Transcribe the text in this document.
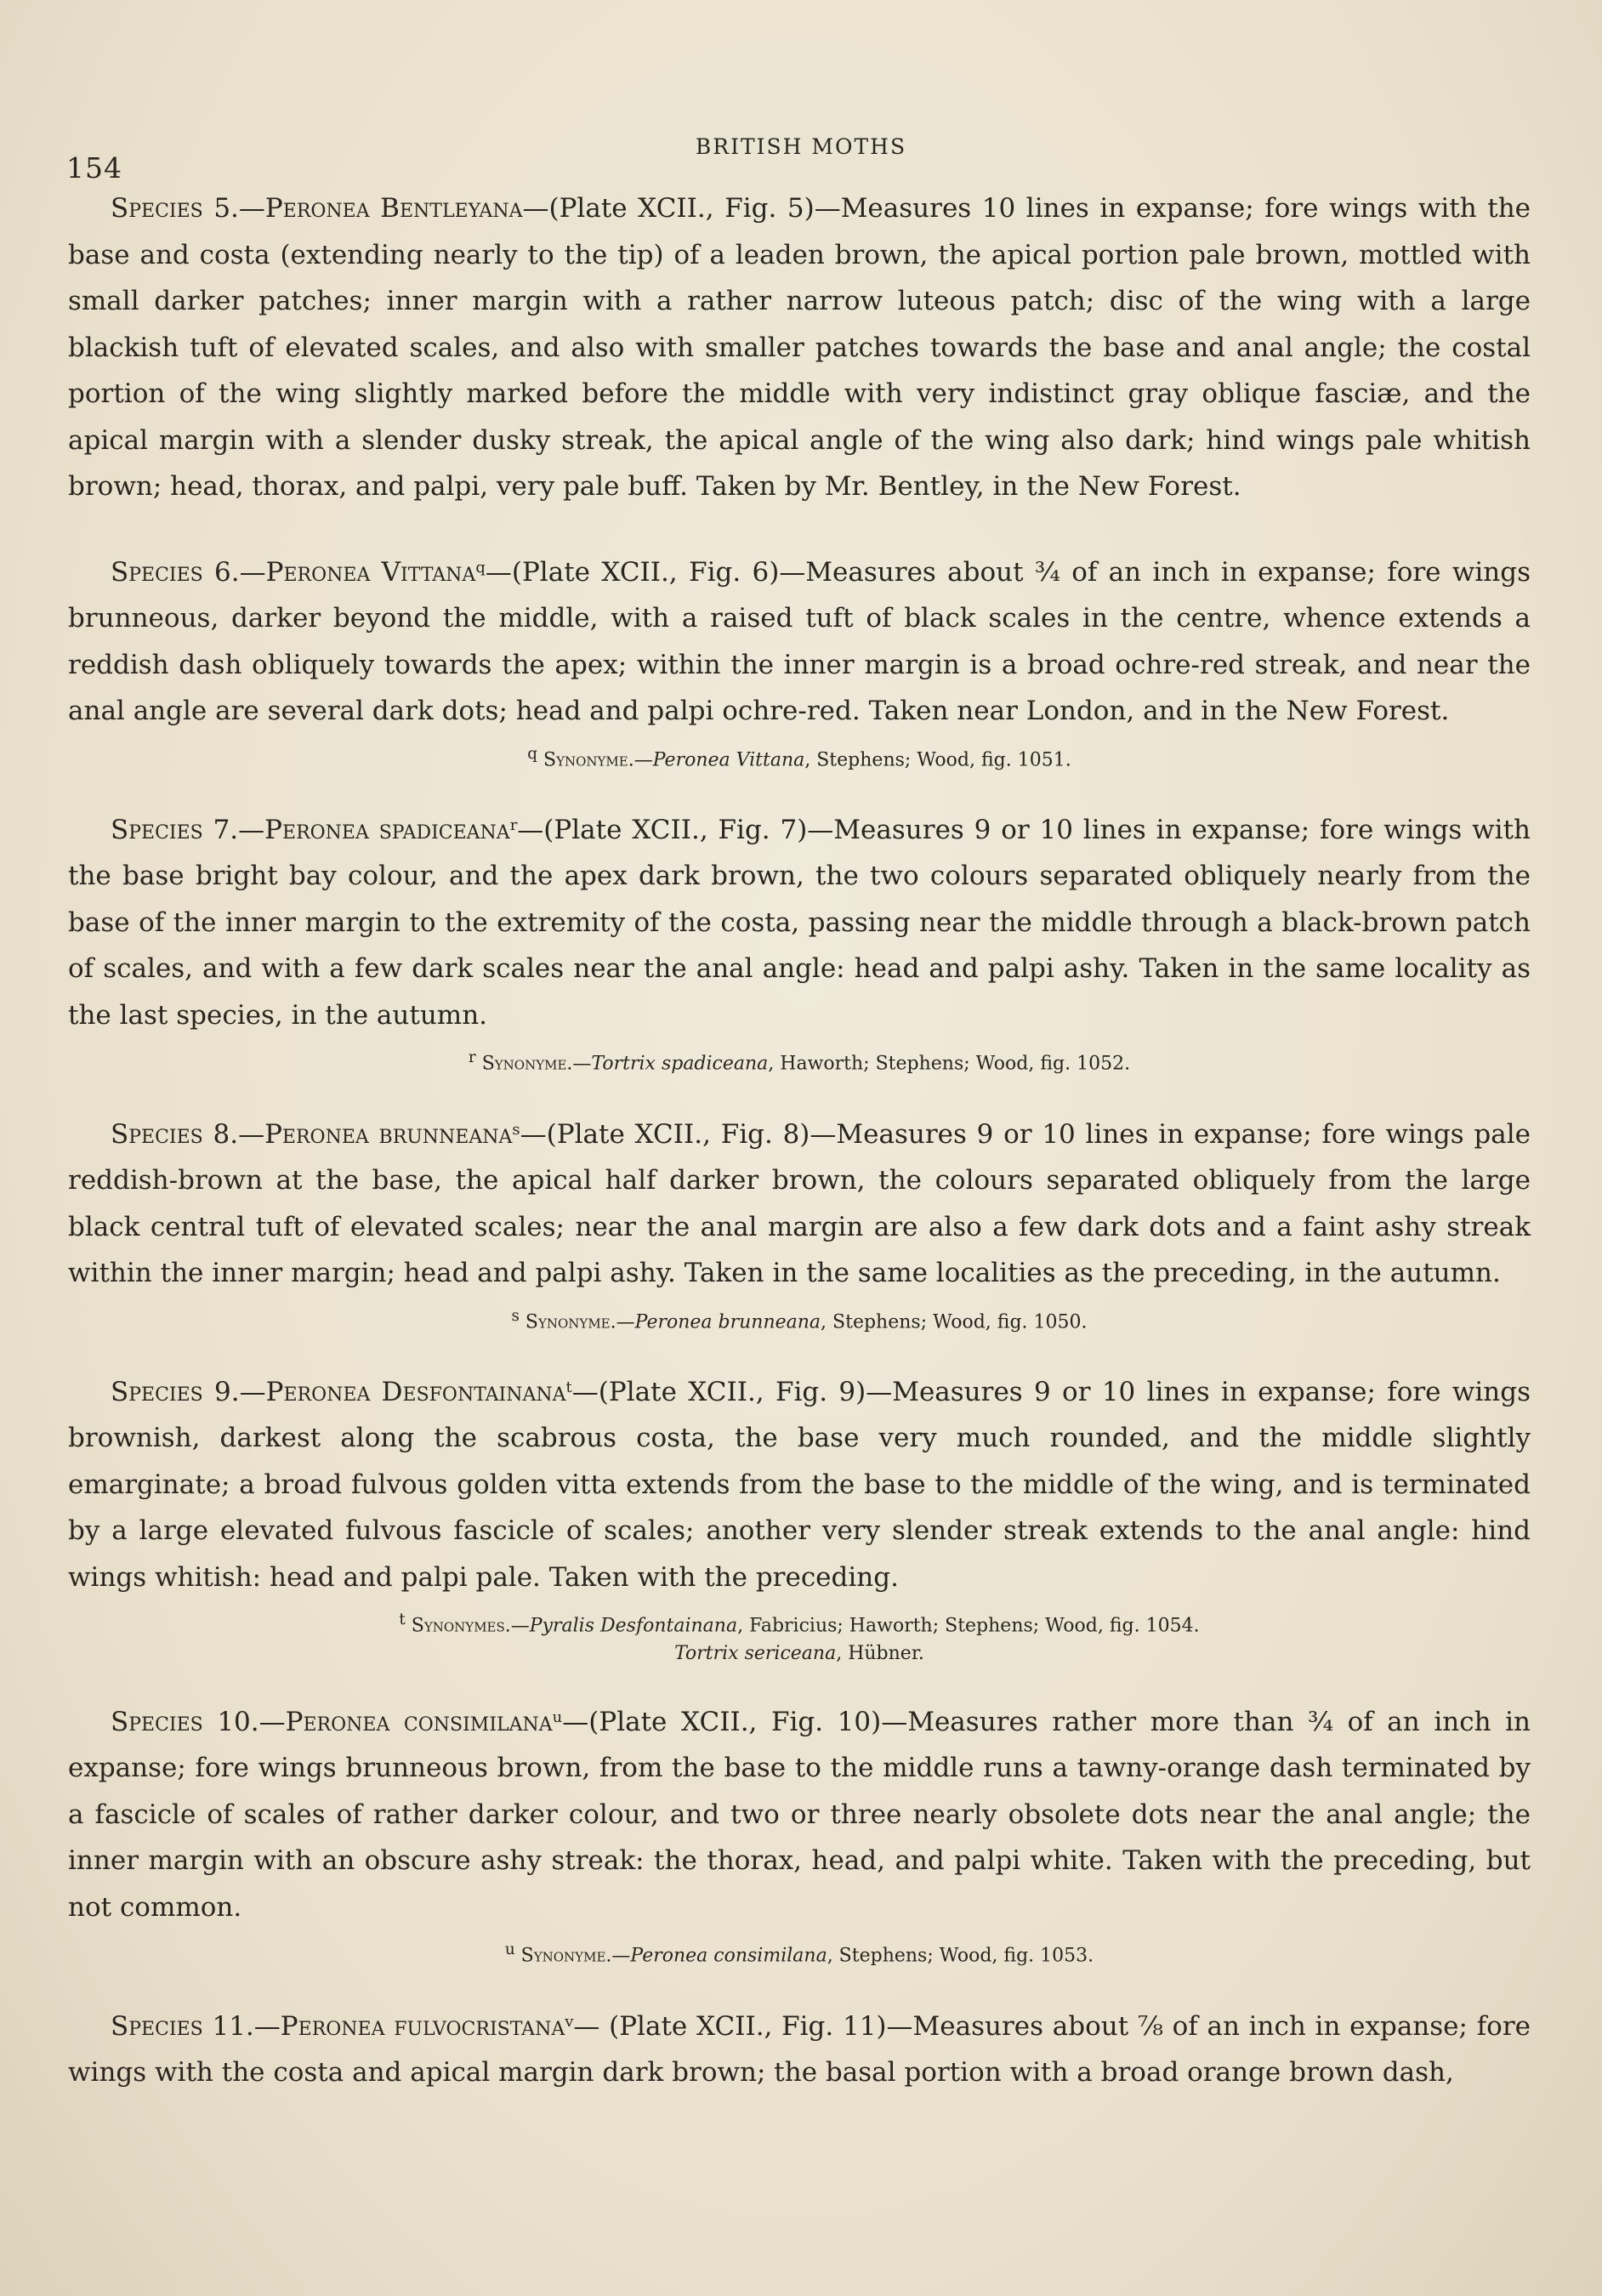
154
BRITISH MOTHS

Species 5.—Peronea Bentleyana—(Plate XCII., Fig. 5)—Measures 10 lines in expanse; fore wings with the base and costa (extending nearly to the tip) of a leaden brown, the apical portion pale brown, mottled with small darker patches; inner margin with a rather narrow luteous patch; disc of the wing with a large blackish tuft of elevated scales, and also with smaller patches towards the base and anal angle; the costal portion of the wing slightly marked before the middle with very indistinct gray oblique fasciæ, and the apical margin with a slender dusky streak, the apical angle of the wing also dark; hind wings pale whitish brown; head, thorax, and palpi, very pale buff. Taken by Mr. Bentley, in the New Forest.

Species 6.—Peronea Vittana$^q$—(Plate XCII., Fig. 6)—Measures about ¾ of an inch in expanse; fore wings brunneous, darker beyond the middle, with a raised tuft of black scales in the centre, whence extends a reddish dash obliquely towards the apex; within the inner margin is a broad ochre-red streak, and near the anal angle are several dark dots; head and palpi ochre-red. Taken near London, and in the New Forest.

$^q$ Synonyme.—Peronea Vittana, Stephens; Wood, fig. 1051.

Species 7.—Peronea spadiceana$^r$—(Plate XCII., Fig. 7)—Measures 9 or 10 lines in expanse; fore wings with the base bright bay colour, and the apex dark brown, the two colours separated obliquely nearly from the base of the inner margin to the extremity of the costa, passing near the middle through a black-brown patch of scales, and with a few dark scales near the anal angle: head and palpi ashy. Taken in the same locality as the last species, in the autumn.

$^r$ Synonyme.—Tortrix spadiceana, Haworth; Stephens; Wood, fig. 1052.

Species 8.—Peronea brunneana$^s$—(Plate XCII., Fig. 8)—Measures 9 or 10 lines in expanse; fore wings pale reddish-brown at the base, the apical half darker brown, the colours separated obliquely from the large black central tuft of elevated scales; near the anal margin are also a few dark dots and a faint ashy streak within the inner margin; head and palpi ashy. Taken in the same localities as the preceding, in the autumn.

$^s$ Synonyme.—Peronea brunneana, Stephens; Wood, fig. 1050.

Species 9.—Peronea Desfontainana$^t$—(Plate XCII., Fig. 9)—Measures 9 or 10 lines in expanse; fore wings brownish, darkest along the scabrous costa, the base very much rounded, and the middle slightly emarginate; a broad fulvous golden vitta extends from the base to the middle of the wing, and is terminated by a large elevated fulvous fascicle of scales; another very slender streak extends to the anal angle: hind wings whitish: head and palpi pale. Taken with the preceding.

$^t$ Synonymes.—Pyralis Desfontainana, Fabricius; Haworth; Stephens; Wood, fig. 1054.

Tortrix sericeana, Hübner.

Species 10.—Peronea consimilana$^u$—(Plate XCII., Fig. 10)—Measures rather more than ¾ of an inch in expanse; fore wings brunneous brown, from the base to the middle runs a tawny-orange dash terminated by a fascicle of scales of rather darker colour, and two or three nearly obsolete dots near the anal angle; the inner margin with an obscure ashy streak: the thorax, head, and palpi white. Taken with the preceding, but not common.

$^u$ Synonyme.—Peronea consimilana, Stephens; Wood, fig. 1053.

Species 11.—Peronea fulvocristana$^v$— (Plate XCII., Fig. 11)—Measures about ⅞ of an inch in expanse; fore wings with the costa and apical margin dark brown; the basal portion with a broad orange brown dash,
